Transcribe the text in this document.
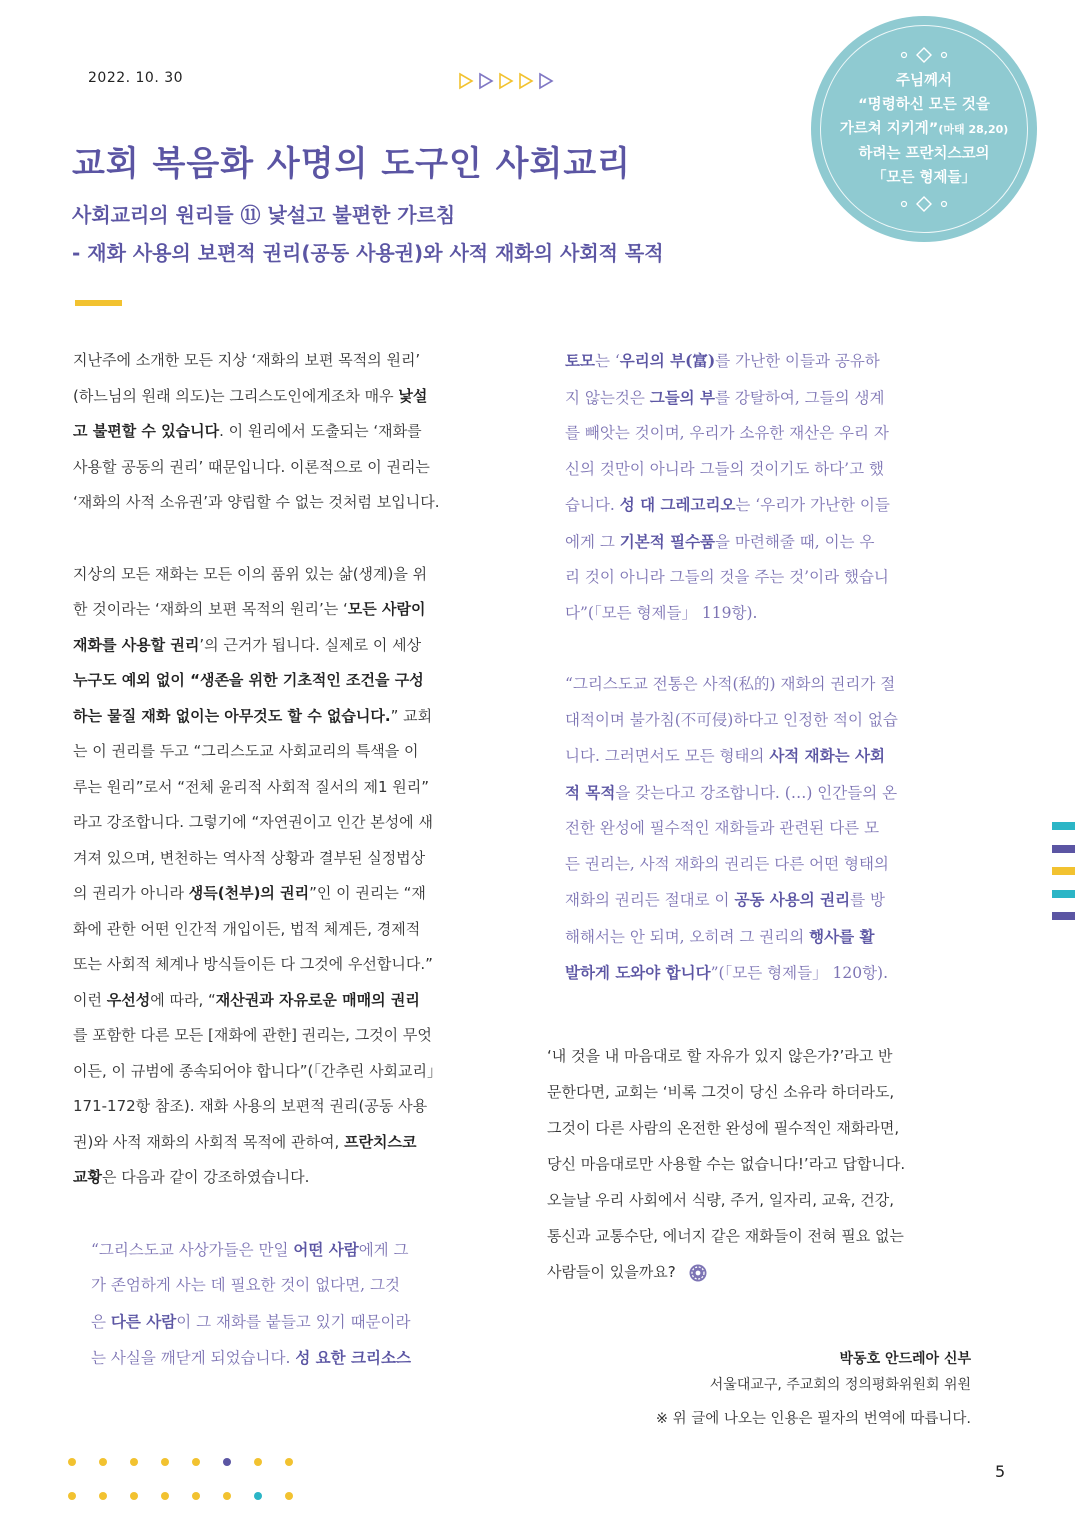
2022. 10. 30	주님께서
“명령하신 모든 것을
가르쳐 지키게”(마태 28,20)
하려는 프란치스코의
「모든 형제들」
교회 복음화 사명의 도구인 사회교리
사회교리의 원리들 ⑪ 낯설고 불편한 가르침
- 재화 사용의 보편적 권리(공동 사용권)와 사적 재화의 사회적 목적

지난주에 소개한 모든 지상 ‘재화의 보편 목적의 원리’
(하느님의 원래 의도)는 그리스도인에게조차 매우 낯설
고 불편할 수 있습니다. 이 원리에서 도출되는 ‘재화를
사용할 공동의 권리’ 때문입니다. 이론적으로 이 권리는
‘재화의 사적 소유권’과 양립할 수 없는 것처럼 보입니다.

지상의 모든 재화는 모든 이의 품위 있는 삶(생계)을 위
한 것이라는 ‘재화의 보편 목적의 원리’는 ‘모든 사람이
재화를 사용할 권리’의 근거가 됩니다. 실제로 이 세상
누구도 예외 없이 “생존을 위한 기초적인 조건을 구성
하는 물질 재화 없이는 아무것도 할 수 없습니다.” 교회
는 이 권리를 두고 “그리스도교 사회교리의 특색을 이
루는 원리”로서 “전체 윤리적 사회적 질서의 제1 원리”
라고 강조합니다. 그렇기에 “자연권이고 인간 본성에 새
겨져 있으며, 변천하는 역사적 상황과 결부된 실정법상
의 권리가 아니라 생득(천부)의 권리”인 이 권리는 “재
화에 관한 어떤 인간적 개입이든, 법적 체계든, 경제적
또는 사회적 체계나 방식들이든 다 그것에 우선합니다.”
이런 우선성에 따라, “재산권과 자유로운 매매의 권리
를 포함한 다른 모든 [재화에 관한] 권리는, 그것이 무엇
이든, 이 규범에 종속되어야 합니다”(「간추린 사회교리」
171-172항 참조). 재화 사용의 보편적 권리(공동 사용
권)와 사적 재화의 사회적 목적에 관하여, 프란치스코
교황은 다음과 같이 강조하였습니다.

“그리스도교 사상가들은 만일 어떤 사람에게 그
가 존엄하게 사는 데 필요한 것이 없다면, 그것
은 다른 사람이 그 재화를 붙들고 있기 때문이라
는 사실을 깨닫게 되었습니다. 성 요한 크리소스

토모는 ‘우리의 부(富)를 가난한 이들과 공유하
지 않는것은 그들의 부를 강탈하여, 그들의 생계
를 빼앗는 것이며, 우리가 소유한 재산은 우리 자
신의 것만이 아니라 그들의 것이기도 하다’고 했
습니다. 성 대 그레고리오는 ‘우리가 가난한 이들
에게 그 기본적 필수품을 마련해줄 때, 이는 우
리 것이 아니라 그들의 것을 주는 것’이라 했습니
다”(「모든 형제들」 119항).

“그리스도교 전통은 사적(私的) 재화의 권리가 절
대적이며 불가침(不可侵)하다고 인정한 적이 없습
니다. 그러면서도 모든 형태의 사적 재화는 사회
적 목적을 갖는다고 강조합니다. (…) 인간들의 온
전한 완성에 필수적인 재화들과 관련된 다른 모
든 권리는, 사적 재화의 권리든 다른 어떤 형태의
재화의 권리든 절대로 이 공동 사용의 권리를 방
해해서는 안 되며, 오히려 그 권리의 행사를 활
발하게 도와야 합니다”(「모든 형제들」 120항).

‘내 것을 내 마음대로 할 자유가 있지 않은가?’라고 반
문한다면, 교회는 ‘비록 그것이 당신 소유라 하더라도,
그것이 다른 사람의 온전한 완성에 필수적인 재화라면,
당신 마음대로만 사용할 수는 없습니다!’라고 답합니다.
오늘날 우리 사회에서 식량, 주거, 일자리, 교육, 건강,
통신과 교통수단, 에너지 같은 재화들이 전혀 필요 없는
사람들이 있을까요?

박동호 안드레아 신부
서울대교구, 주교회의 정의평화위원회 위원
※ 위 글에 나오는 인용은 필자의 번역에 따릅니다.
5
